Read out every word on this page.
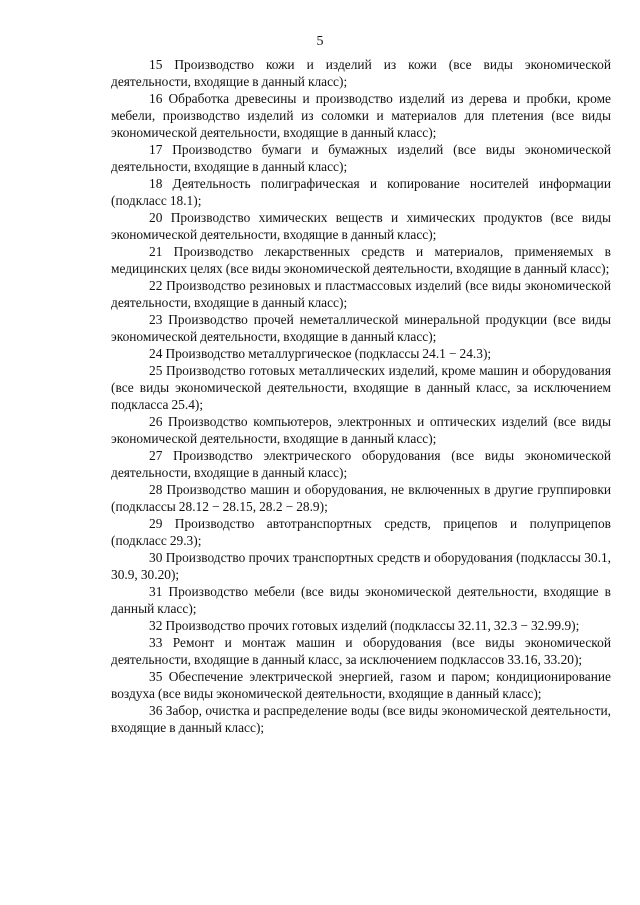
5

15 Производство кожи и изделий из кожи (все виды экономической деятельности, входящие в данный класс);

16 Обработка древесины и производство изделий из дерева и пробки, кроме мебели, производство изделий из соломки и материалов для плетения (все виды экономической деятельности, входящие в данный класс);

17 Производство бумаги и бумажных изделий (все виды экономической деятельности, входящие в данный класс);

18 Деятельность полиграфическая и копирование носителей информации (подкласс 18.1);

20 Производство химических веществ и химических продуктов (все виды экономической деятельности, входящие в данный класс);

21 Производство лекарственных средств и материалов, применяемых в медицинских целях (все виды экономической деятельности, входящие в данный класс);

22 Производство резиновых и пластмассовых изделий (все виды экономической деятельности, входящие в данный класс);

23 Производство прочей неметаллической минеральной продукции (все виды экономической деятельности, входящие в данный класс);

24 Производство металлургическое (подклассы 24.1 − 24.3);

25 Производство готовых металлических изделий, кроме машин и оборудования (все виды экономической деятельности, входящие в данный класс, за исключением подкласса 25.4);

26 Производство компьютеров, электронных и оптических изделий (все виды экономической деятельности, входящие в данный класс);

27 Производство электрического оборудования (все виды экономической деятельности, входящие в данный класс);

28 Производство машин и оборудования, не включенных в другие группировки (подклассы 28.12 − 28.15, 28.2 − 28.9);

29 Производство автотранспортных средств, прицепов и полуприцепов (подкласс 29.3);

30 Производство прочих транспортных средств и оборудования (подклассы 30.1, 30.9, 30.20);

31 Производство мебели (все виды экономической деятельности, входящие в данный класс);

32 Производство прочих готовых изделий (подклассы 32.11, 32.3 − 32.99.9);

33 Ремонт и монтаж машин и оборудования (все виды экономической деятельности, входящие в данный класс, за исключением подклассов 33.16, 33.20);

35 Обеспечение электрической энергией, газом и паром; кондиционирование воздуха (все виды экономической деятельности, входящие в данный класс);

36 Забор, очистка и распределение воды (все виды экономической деятельности, входящие в данный класс);
